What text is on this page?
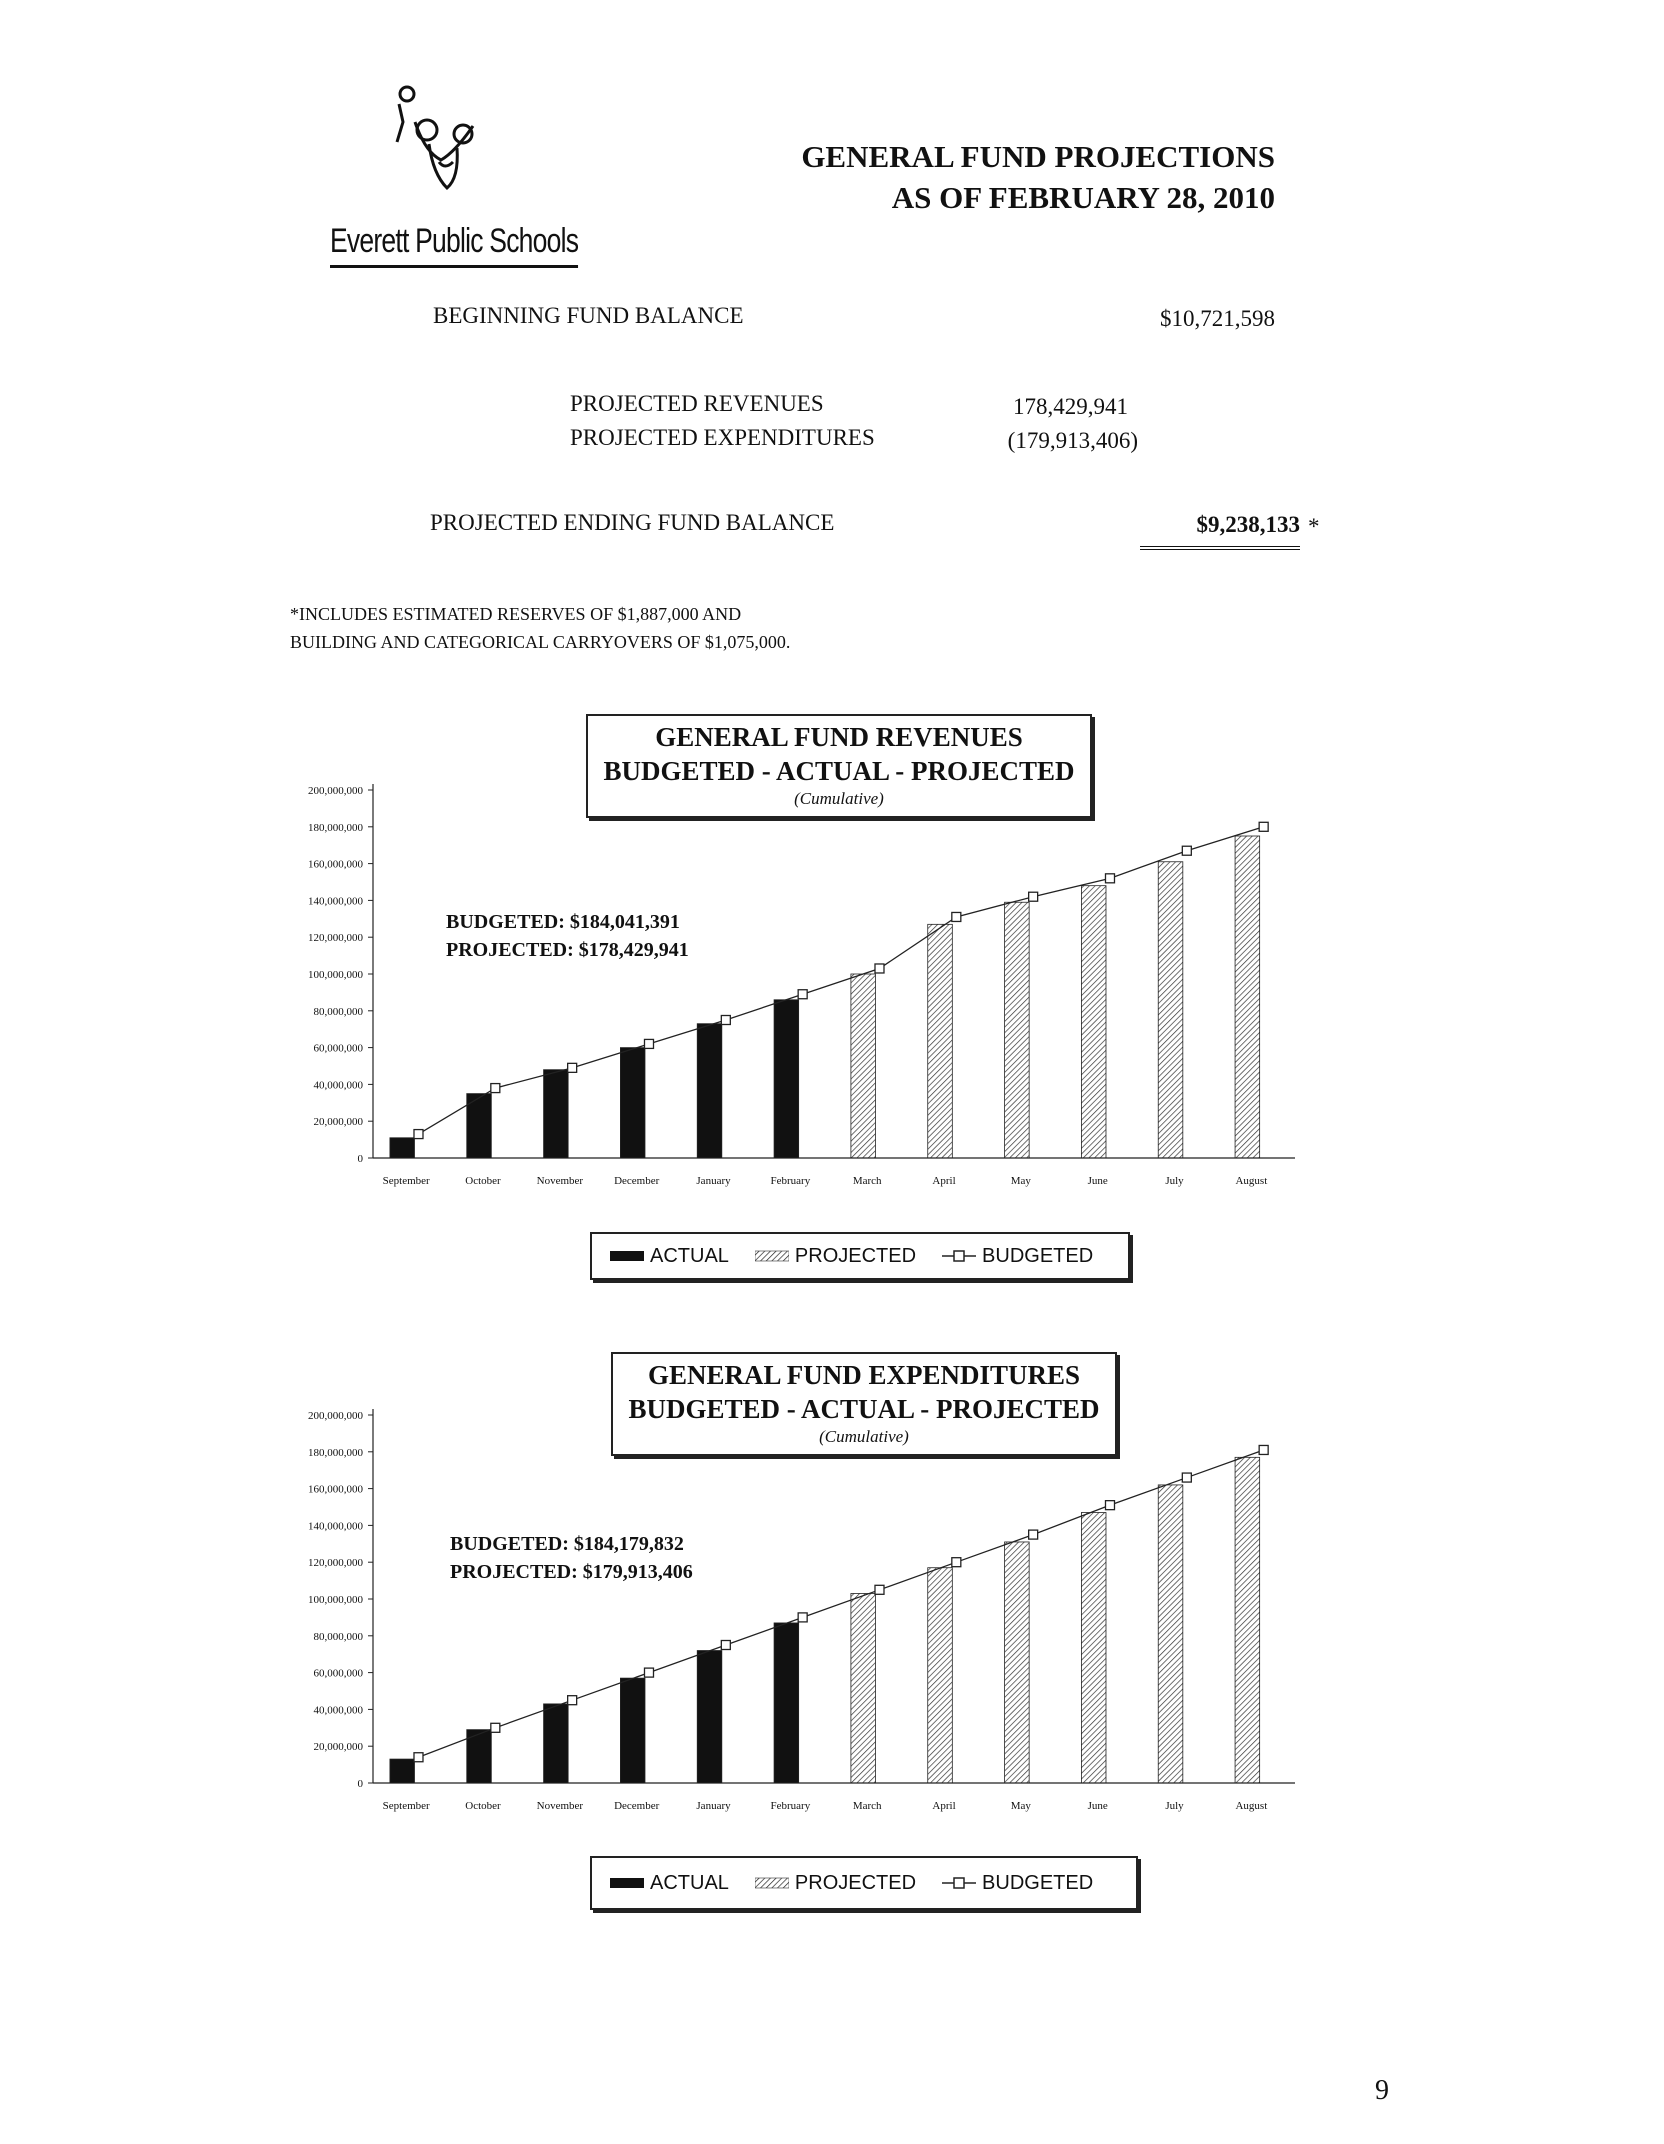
Everett Public Schools
GENERAL FUND PROJECTIONS
AS OF FEBRUARY 28, 2010
BEGINNING FUND BALANCE	$10,721,598
PROJECTED REVENUES	178,429,941
PROJECTED EXPENDITURES	(179,913,406)
PROJECTED ENDING FUND BALANCE	$9,238,133 *
*INCLUDES ESTIMATED RESERVES OF $1,887,000 AND
BUILDING AND CATEGORICAL CARRYOVERS OF $1,075,000.
0
20,000,000
40,000,000
60,000,000
80,000,000
100,000,000
120,000,000
140,000,000
160,000,000
180,000,000
200,000,000
September	October	November	December	January	February	March	April	May	June	July	August
GENERAL FUND REVENUES
BUDGETED - ACTUAL - PROJECTED
(Cumulative)
BUDGETED: $184,041,391
PROJECTED: $178,429,941
ACTUAL	PROJECTED	BUDGETED
0
20,000,000
40,000,000
60,000,000
80,000,000
100,000,000
120,000,000
140,000,000
160,000,000
180,000,000
200,000,000
September	October	November	December	January	February	March	April	May	June	July	August
GENERAL FUND EXPENDITURES
BUDGETED - ACTUAL - PROJECTED
(Cumulative)
BUDGETED: $184,179,832
PROJECTED: $179,913,406
ACTUAL	PROJECTED	BUDGETED
9
